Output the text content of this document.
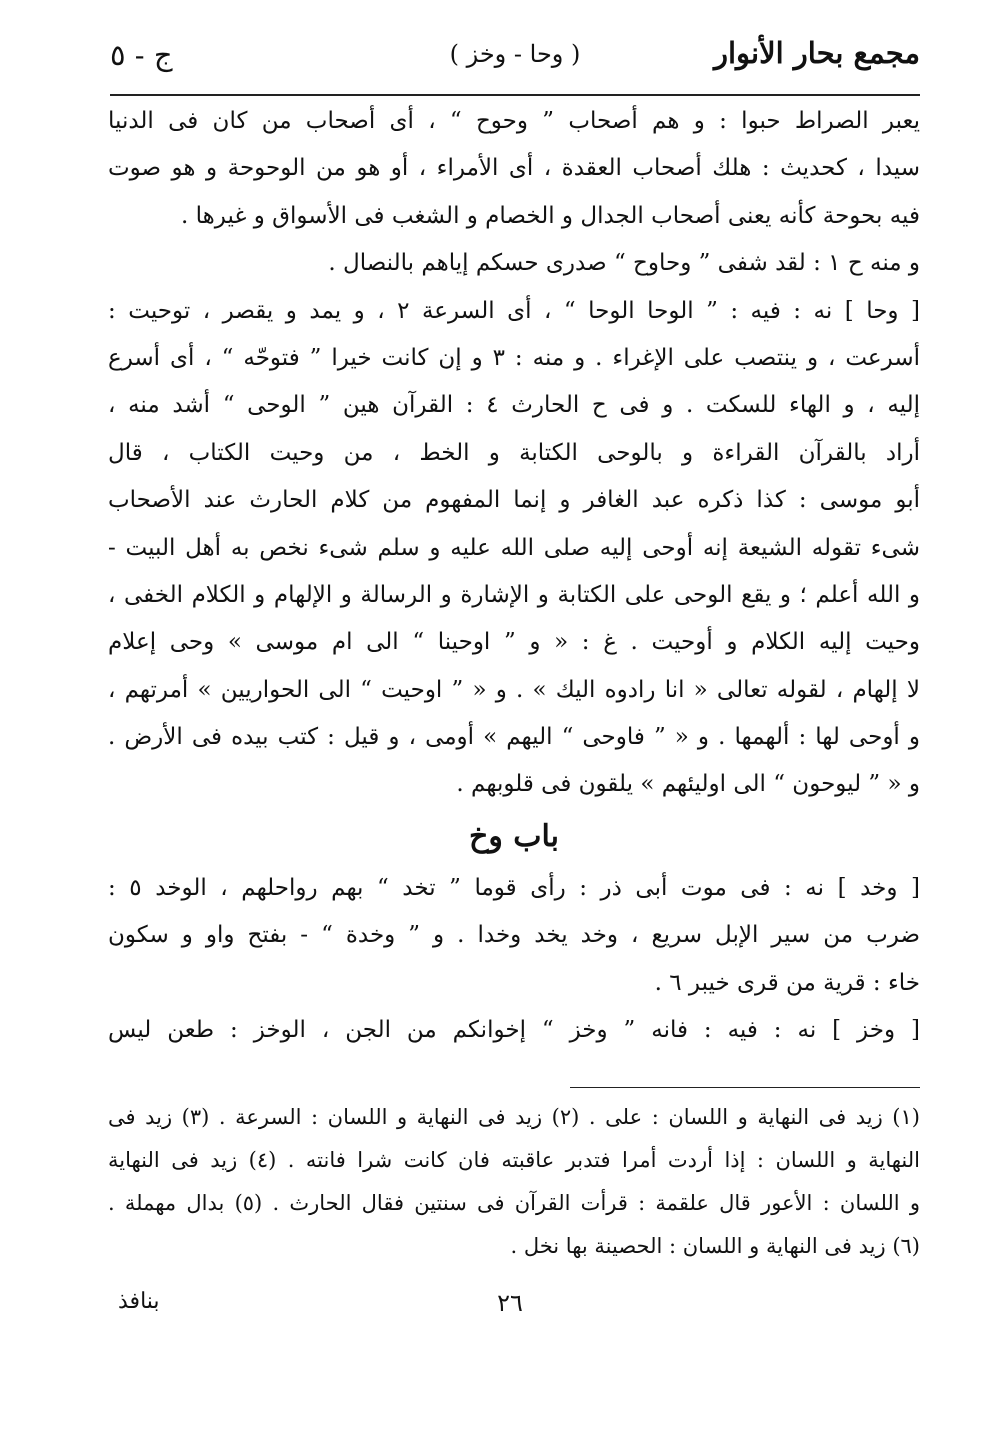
مجمع بحار الأنوار
( وحا - وخز )
ج - ٥
يعبر الصراط حبوا : و هم أصحاب ” وحوح “ ، أى أصحاب من كان فى الدنيا
سيدا ، كحديث : هلك أصحاب العقدة ، أى الأمراء ، أو هو من الوحوحة و هو صوت
فيه بحوحة كأنه يعنى أصحاب الجدال و الخصام و الشغب فى الأسواق و غيرها .
و منه ح ١ : لقد شفى ” وحاوح “ صدرى حسكم إياهم بالنصال .
[ وحا ] نه : فيه : ” الوحا الوحا “ ، أى السرعة ٢ ، و يمد و يقصر ، توحيت :
أسرعت ، و ينتصب على الإغراء . و منه : ٣ و إن كانت خيرا ” فتوحّه “ ، أى أسرع
إليه ، و الهاء للسكت . و فى ح الحارث ٤ : القرآن هين ” الوحى “ أشد منه ،
أراد بالقرآن القراءة و بالوحى الكتابة و الخط ، من وحيت الكتاب ، قال
أبو موسى : كذا ذكره عبد الغافر و إنما المفهوم من كلام الحارث عند الأصحاب
شىء تقوله الشيعة إنه أوحى إليه صلى الله عليه و سلم شىء نخص به أهل البيت -
و الله أعلم ؛ و يقع الوحى على الكتابة و الإشارة و الرسالة و الإلهام و الكلام الخفى ،
وحيت إليه الكلام و أوحيت . غ : « و ” اوحينا “ الى ام موسى » وحى إعلام
لا إلهام ، لقوله تعالى « انا رادوه اليك » . و « ” اوحيت “ الى الحواريين » أمرتهم ،
و أوحى لها : ألهمها . و « ” فاوحى “ اليهم » أومى ، و قيل : كتب بيده فى الأرض .
و « ” ليوحون “ الى اوليئهم » يلقون فى قلوبهم .
باب وخ
[ وخد ] نه : فى موت أبى ذر : رأى قوما ” تخد “ بهم رواحلهم ، الوخد ٥ :
ضرب من سير الإبل سريع ، وخد يخد وخدا . و ” وخدة “ - بفتح واو و سكون
خاء : قرية من قرى خيبر ٦ .
[ وخز ] نه : فيه : فانه ” وخز “ إخوانكم من الجن ، الوخز : طعن ليس
(١) زيد فى النهاية و اللسان : على . (٢) زيد فى النهاية و اللسان : السرعة . (٣) زيد فى
النهاية و اللسان : إذا أردت أمرا فتدبر عاقبته فان كانت شرا فانته . (٤) زيد فى النهاية
و اللسان : الأعور قال علقمة : قرأت القرآن فى سنتين فقال الحارث . (٥) بدال مهملة .
(٦) زيد فى النهاية و اللسان : الحصينة بها نخل .
٢٦
بنافذ
